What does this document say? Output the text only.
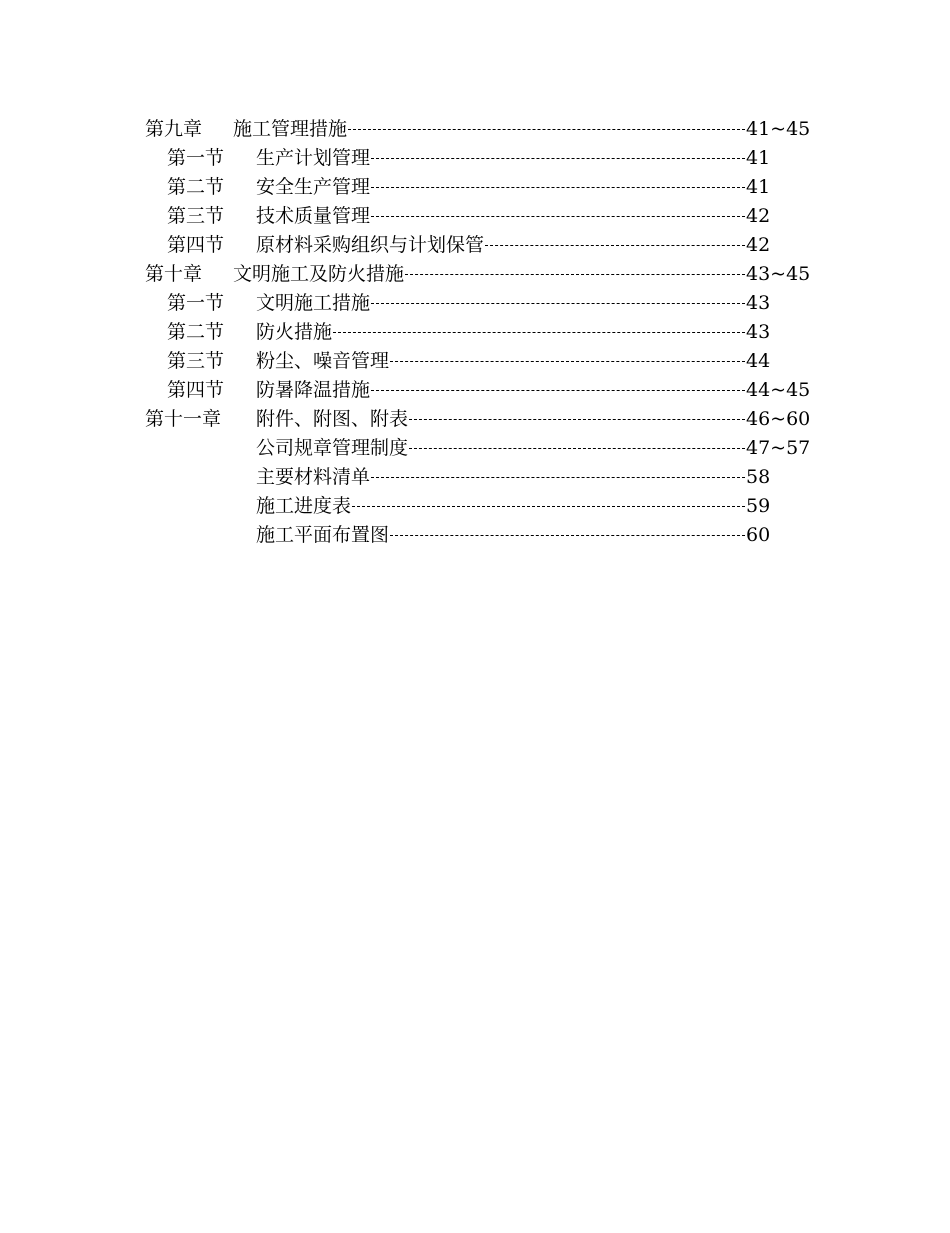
第九章 施工管理措施	41~45
第一节 生产计划管理	41
第二节 安全生产管理	41
第三节 技术质量管理	42
第四节 原材料采购组织与计划保管	42
第十章 文明施工及防火措施	43~45
第一节 文明施工措施	43
第二节 防火措施	43
第三节 粉尘、噪音管理	44
第四节 防暑降温措施	44~45
第十一章 附件、附图、附表	46~60
公司规章管理制度	47~57
主要材料清单	58
施工进度表	59
施工平面布置图	60
